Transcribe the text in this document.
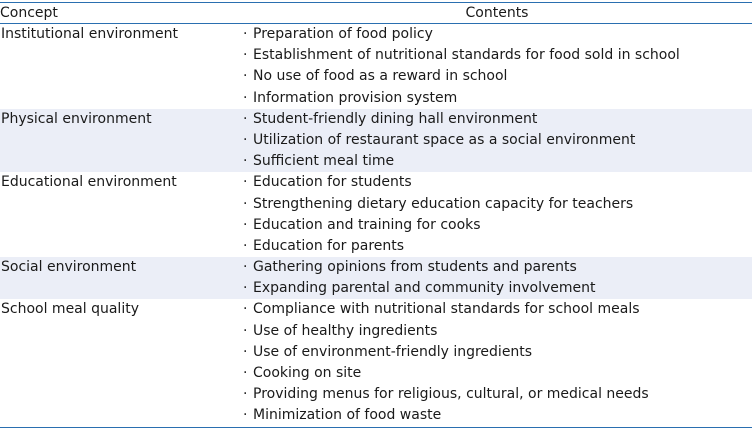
Concept	Contents
Institutional environment	· Preparation of food policy
· Establishment of nutritional standards for food sold in school
· No use of food as a reward in school
· Information provision system
Physical environment	· Student-friendly dining hall environment
· Utilization of restaurant space as a social environment
· Sufficient meal time
Educational environment	· Education for students
· Strengthening dietary education capacity for teachers
· Education and training for cooks
· Education for parents
Social environment	· Gathering opinions from students and parents
· Expanding parental and community involvement
School meal quality	· Compliance with nutritional standards for school meals
· Use of healthy ingredients
· Use of environment-friendly ingredients
· Cooking on site
· Providing menus for religious, cultural, or medical needs
· Minimization of food waste
